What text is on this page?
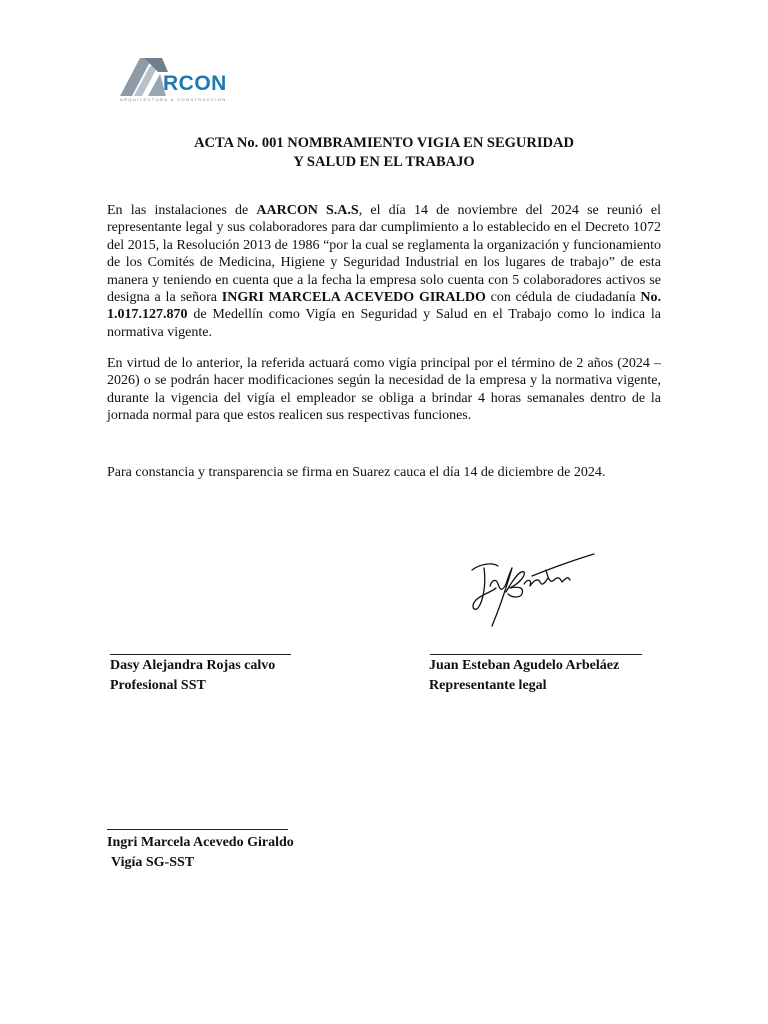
RCON
ARQUITECTURA & CONSTRUCCION
ACTA No. 001 NOMBRAMIENTO VIGIA EN SEGURIDAD
Y SALUD EN EL TRABAJO

En las instalaciones de AARCON S.A.S, el día 14 de noviembre del 2024 se reunió el representante legal y sus colaboradores para dar cumplimiento a lo establecido en el Decreto 1072 del 2015, la Resolución 2013 de 1986 “por la cual se reglamenta la organización y funcionamiento de los Comités de Medicina, Higiene y Seguridad Industrial en los lugares de trabajo” de esta manera y teniendo en cuenta que a la fecha la empresa solo cuenta con 5 colaboradores activos se designa a la señora INGRI MARCELA ACEVEDO GIRALDO con cédula de ciudadanía No. 1.017.127.870 de Medellín como Vigía en Seguridad y Salud en el Trabajo como lo indica la normativa vigente.

En virtud de lo anterior, la referida actuará como vigía principal por el término de 2 años (2024 – 2026) o se podrán hacer modificaciones según la necesidad de la empresa y la normativa vigente, durante la vigencia del vigía el empleador se obliga a brindar 4 horas semanales dentro de la jornada normal para que estos realicen sus respectivas funciones.

Para constancia y transparencia se firma en Suarez cauca el día 14 de diciembre de 2024.

Dasy Alejandra Rojas calvo
Profesional SST
Juan Esteban Agudelo Arbeláez
Representante legal
Ingri Marcela Acevedo Giraldo
Vigía SG-SST
